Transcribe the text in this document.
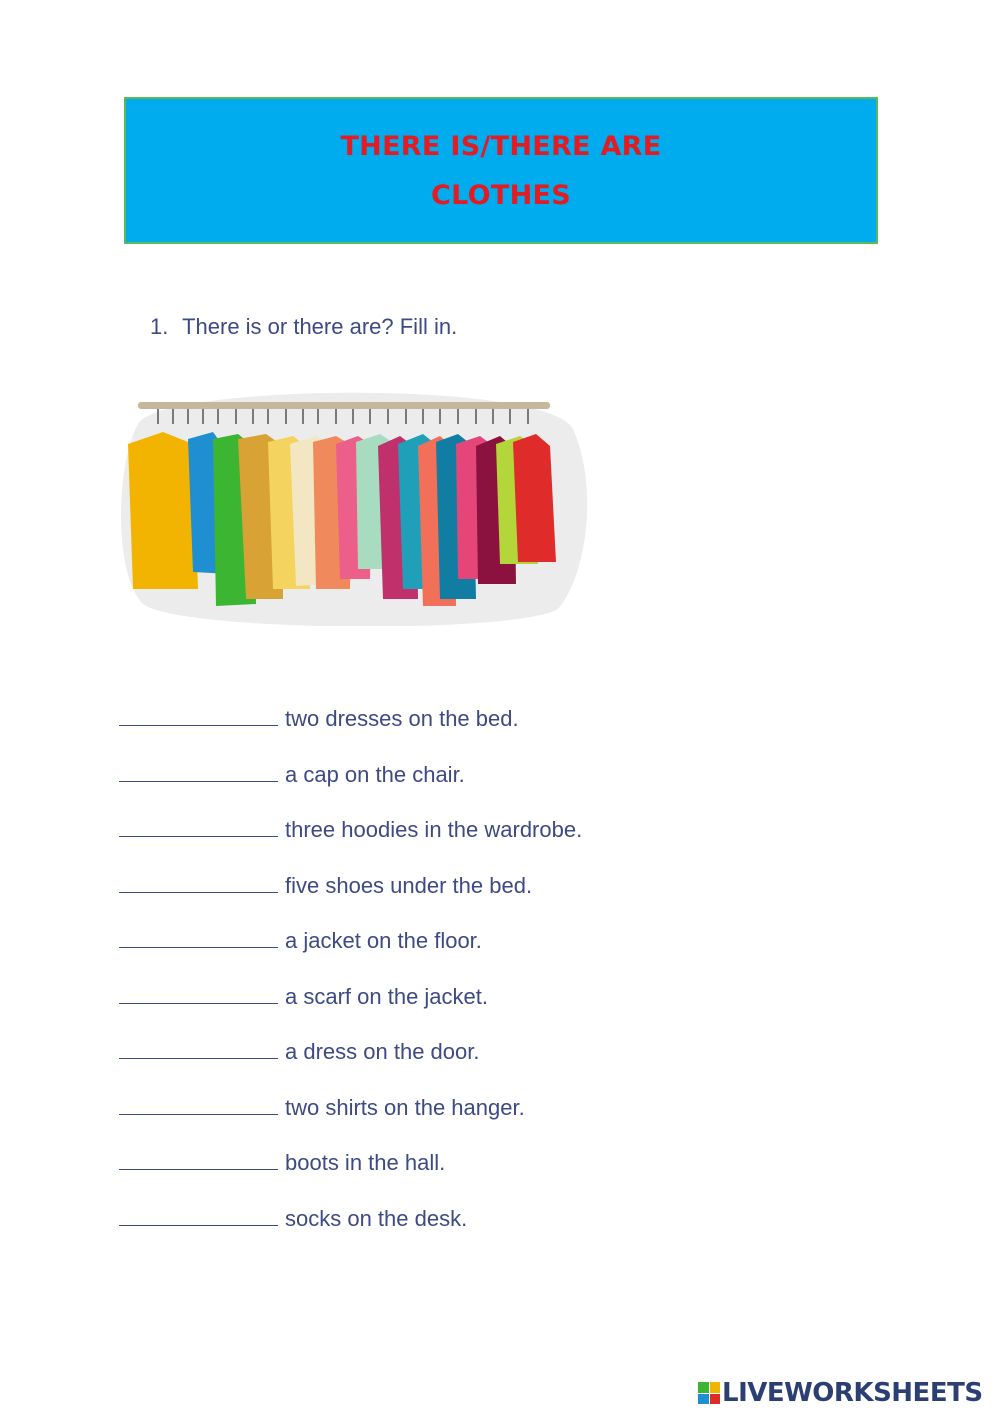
THERE IS/THERE ARE
CLOTHES
1. There is or there are? Fill in.
two dresses on the bed.
a cap on the chair.
three hoodies in the wardrobe.
five shoes under the bed.
a jacket on the floor.
a scarf on the jacket.
a dress on the door.
two shirts on the hanger.
boots in the hall.
socks on the desk.
LIVEWORKSHEETS
